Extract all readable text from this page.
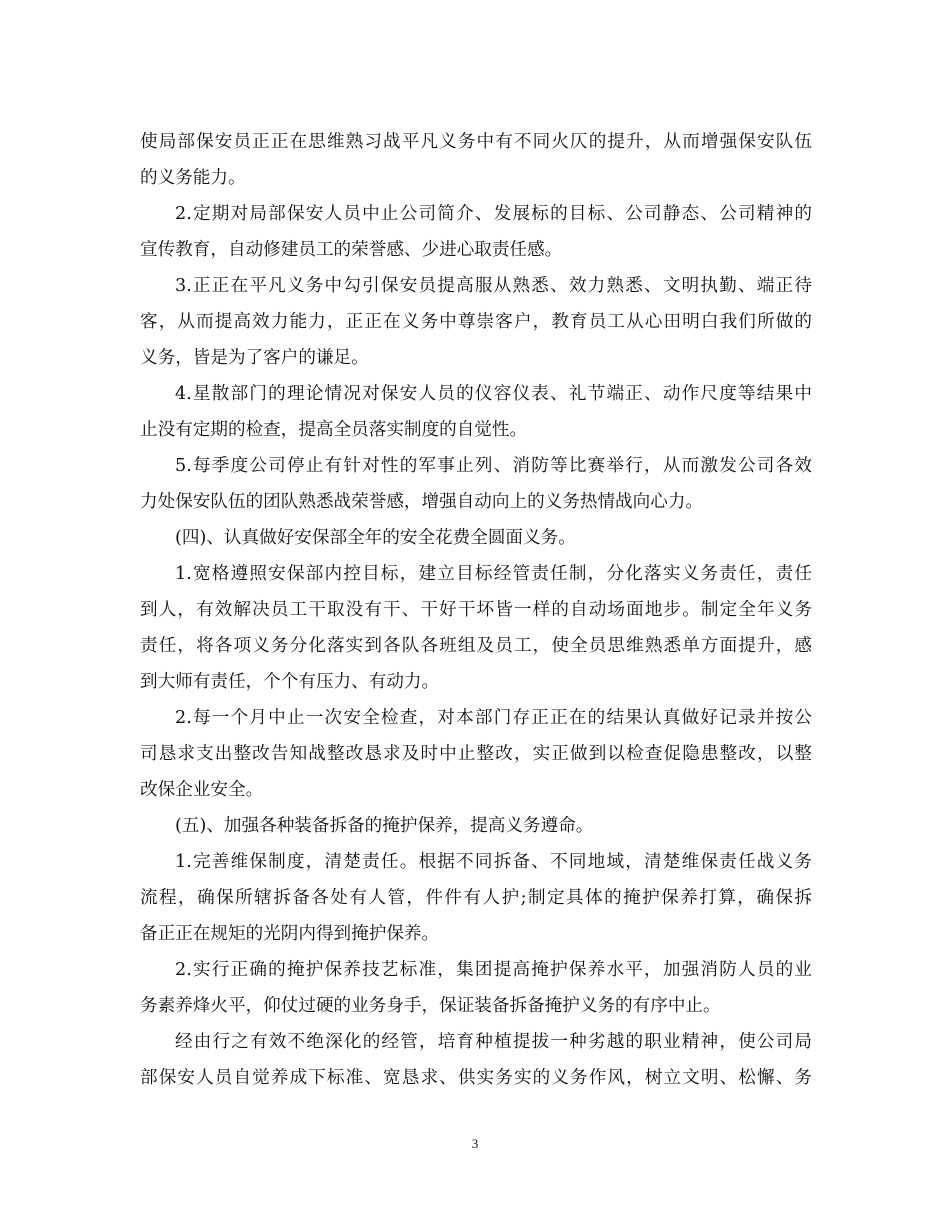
使局部保安员正正在思维熟习战平凡义务中有不同火仄的提升，从而增强保安队伍
的义务能力。
2.定期对局部保安人员中止公司简介、发展标的目标、公司静态、公司精神的
宣传教育，自动修建员工的荣誉感、少进心取责任感。
3.正正在平凡义务中勾引保安员提高服从熟悉、效力熟悉、文明执勤、端正待
客，从而提高效力能力，正正在义务中尊崇客户，教育员工从心田明白我们所做的
义务，皆是为了客户的谦足。
4.星散部门的理论情况对保安人员的仪容仪表、礼节端正、动作尺度等结果中
止没有定期的检查，提高全员落实制度的自觉性。
5.每季度公司停止有针对性的军事止列、消防等比赛举行，从而激发公司各效
力处保安队伍的团队熟悉战荣誉感，增强自动向上的义务热情战向心力。
(四)、认真做好安保部全年的安全花费全圆面义务。
1.宽格遵照安保部内控目标，建立目标经管责任制，分化落实义务责任，责任
到人，有效解决员工干取没有干、干好干坏皆一样的自动场面地步。制定全年义务
责任，将各项义务分化落实到各队各班组及员工，使全员思维熟悉单方面提升，感
到大师有责任，个个有压力、有动力。
2.每一个月中止一次安全检查，对本部门存正正在的结果认真做好记录并按公
司恳求支出整改告知战整改恳求及时中止整改，实正做到以检查促隐患整改，以整
改保企业安全。
(五)、加强各种装备拆备的掩护保养，提高义务遵命。
1.完善维保制度，清楚责任。根据不同拆备、不同地域，清楚维保责任战义务
流程，确保所辖拆备各处有人管，件件有人护;制定具体的掩护保养打算，确保拆
备正正在规矩的光阴内得到掩护保养。
2.实行正确的掩护保养技艺标准，集团提高掩护保养水平，加强消防人员的业
务素养烽火平，仰仗过硬的业务身手，保证装备拆备掩护义务的有序中止。
经由行之有效不绝深化的经管，培育种植提拔一种劣越的职业精神，使公司局
部保安人员自觉养成下标准、宽恳求、供实务实的义务作风，树立文明、松懈、务
3
